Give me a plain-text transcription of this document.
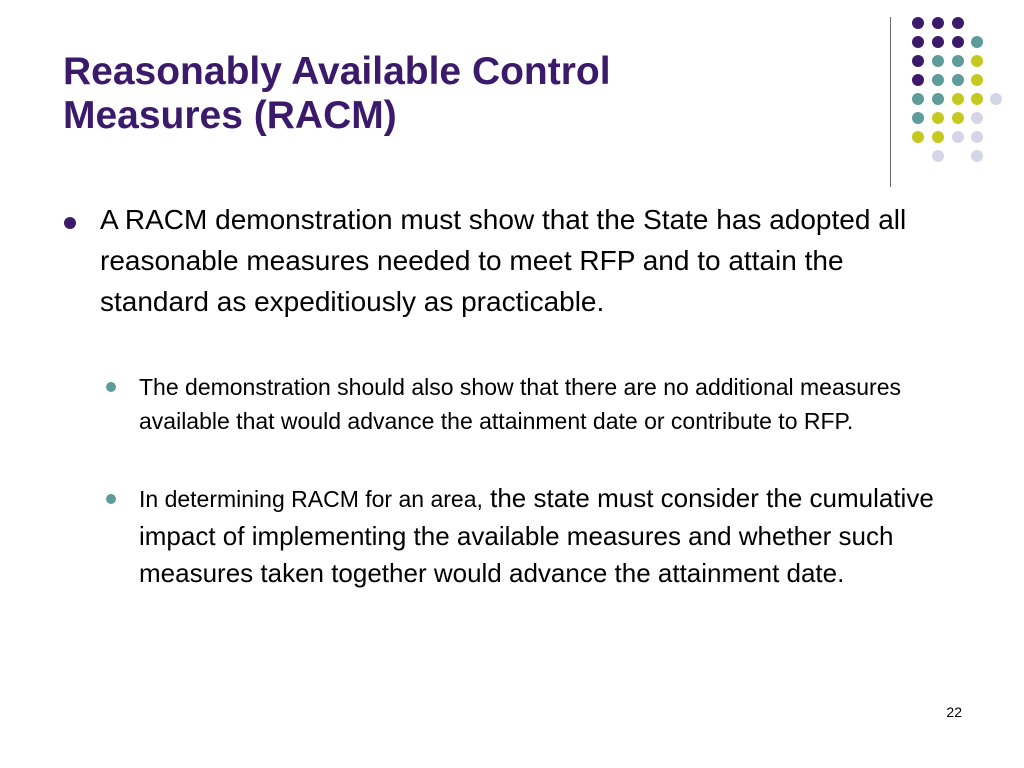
Reasonably Available Control
Measures (RACM)

A RACM demonstration must show that the State has adopted all reasonable measures needed to meet RFP and to attain the standard as expeditiously as practicable.

The demonstration should also show that there are no additional measures available that would advance the attainment date or contribute to RFP.

In determining RACM for an area, the state must consider the cumulative impact of implementing the available measures and whether such measures taken together would advance the attainment date.

22
